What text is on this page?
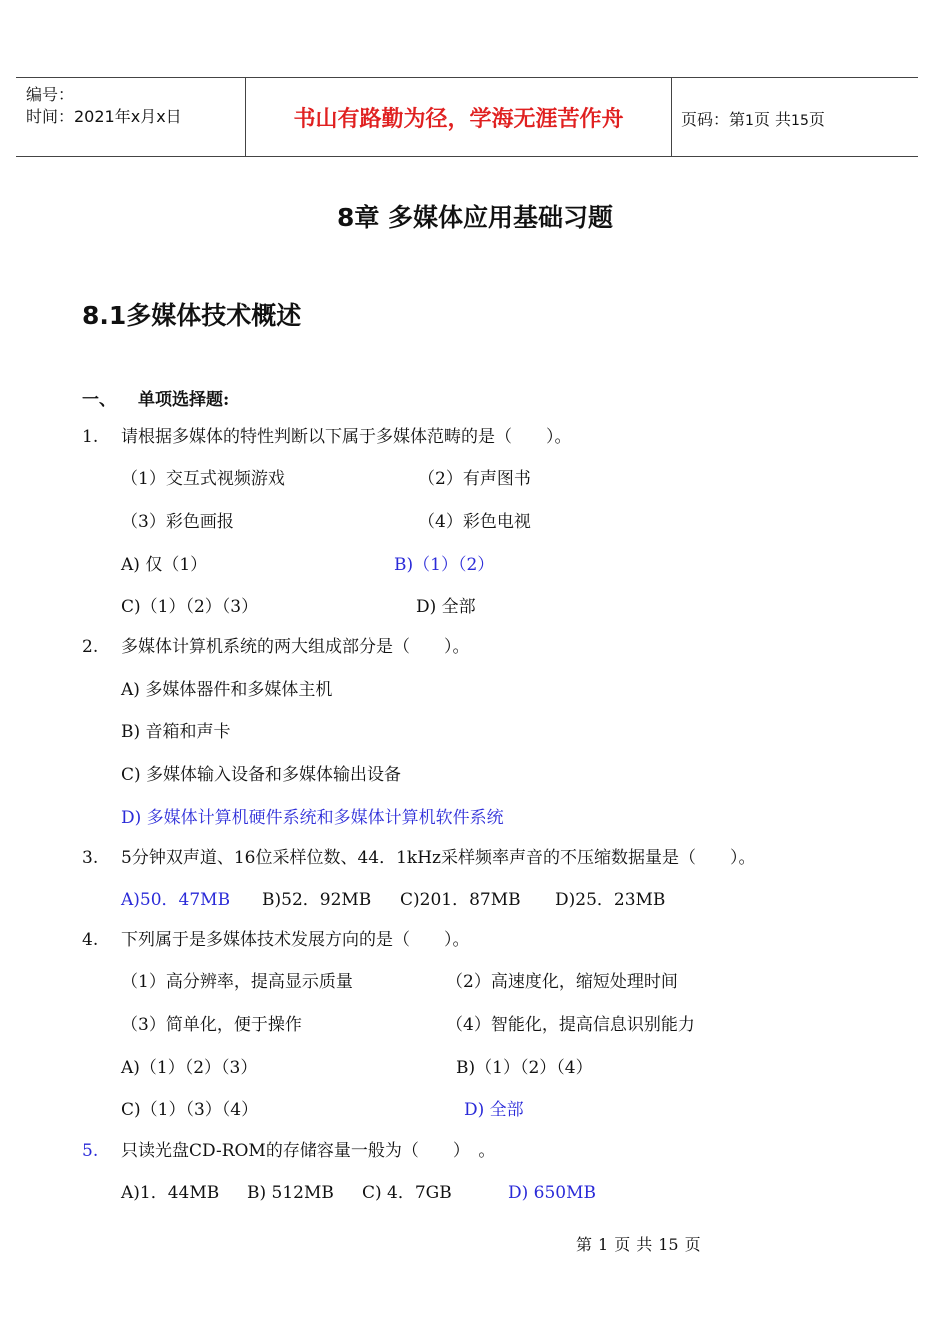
编号：
时间：2021年x月x日	书山有路勤为径，学海无涯苦作舟	页码：第1页 共15页
8章 多媒体应用基础习题
8.1多媒体技术概述
一、 单项选择题:
1. 请根据多媒体的特性判断以下属于多媒体范畴的是（　　）。
（1）交互式视频游戏	（2）有声图书
（3）彩色画报	（4）彩色电视
A) 仅（1）	B)（1）（2）
C)（1）（2）（3）	D) 全部
2. 多媒体计算机系统的两大组成部分是（　　）。
A) 多媒体器件和多媒体主机
B) 音箱和声卡
C) 多媒体输入设备和多媒体输出设备
D) 多媒体计算机硬件系统和多媒体计算机软件系统
3. 5分钟双声道、16位采样位数、44．1kHz采样频率声音的不压缩数据量是（　　）。
A)50．47MB B)52．92MB C)201．87MB D)25．23MB
4. 下列属于是多媒体技术发展方向的是（　　）。
（1）高分辨率，提高显示质量	（2）高速度化，缩短处理时间
（3）简单化，便于操作	（4）智能化，提高信息识别能力
A)（1）（2）（3）	B)（1）（2）（4）
C)（1）（3）（4）	D) 全部
5. 只读光盘CD-ROM的存储容量一般为（　　）　。
A)1．44MB B) 512MB C) 4．7GB	D) 650MB
第 1 页 共 15 页
